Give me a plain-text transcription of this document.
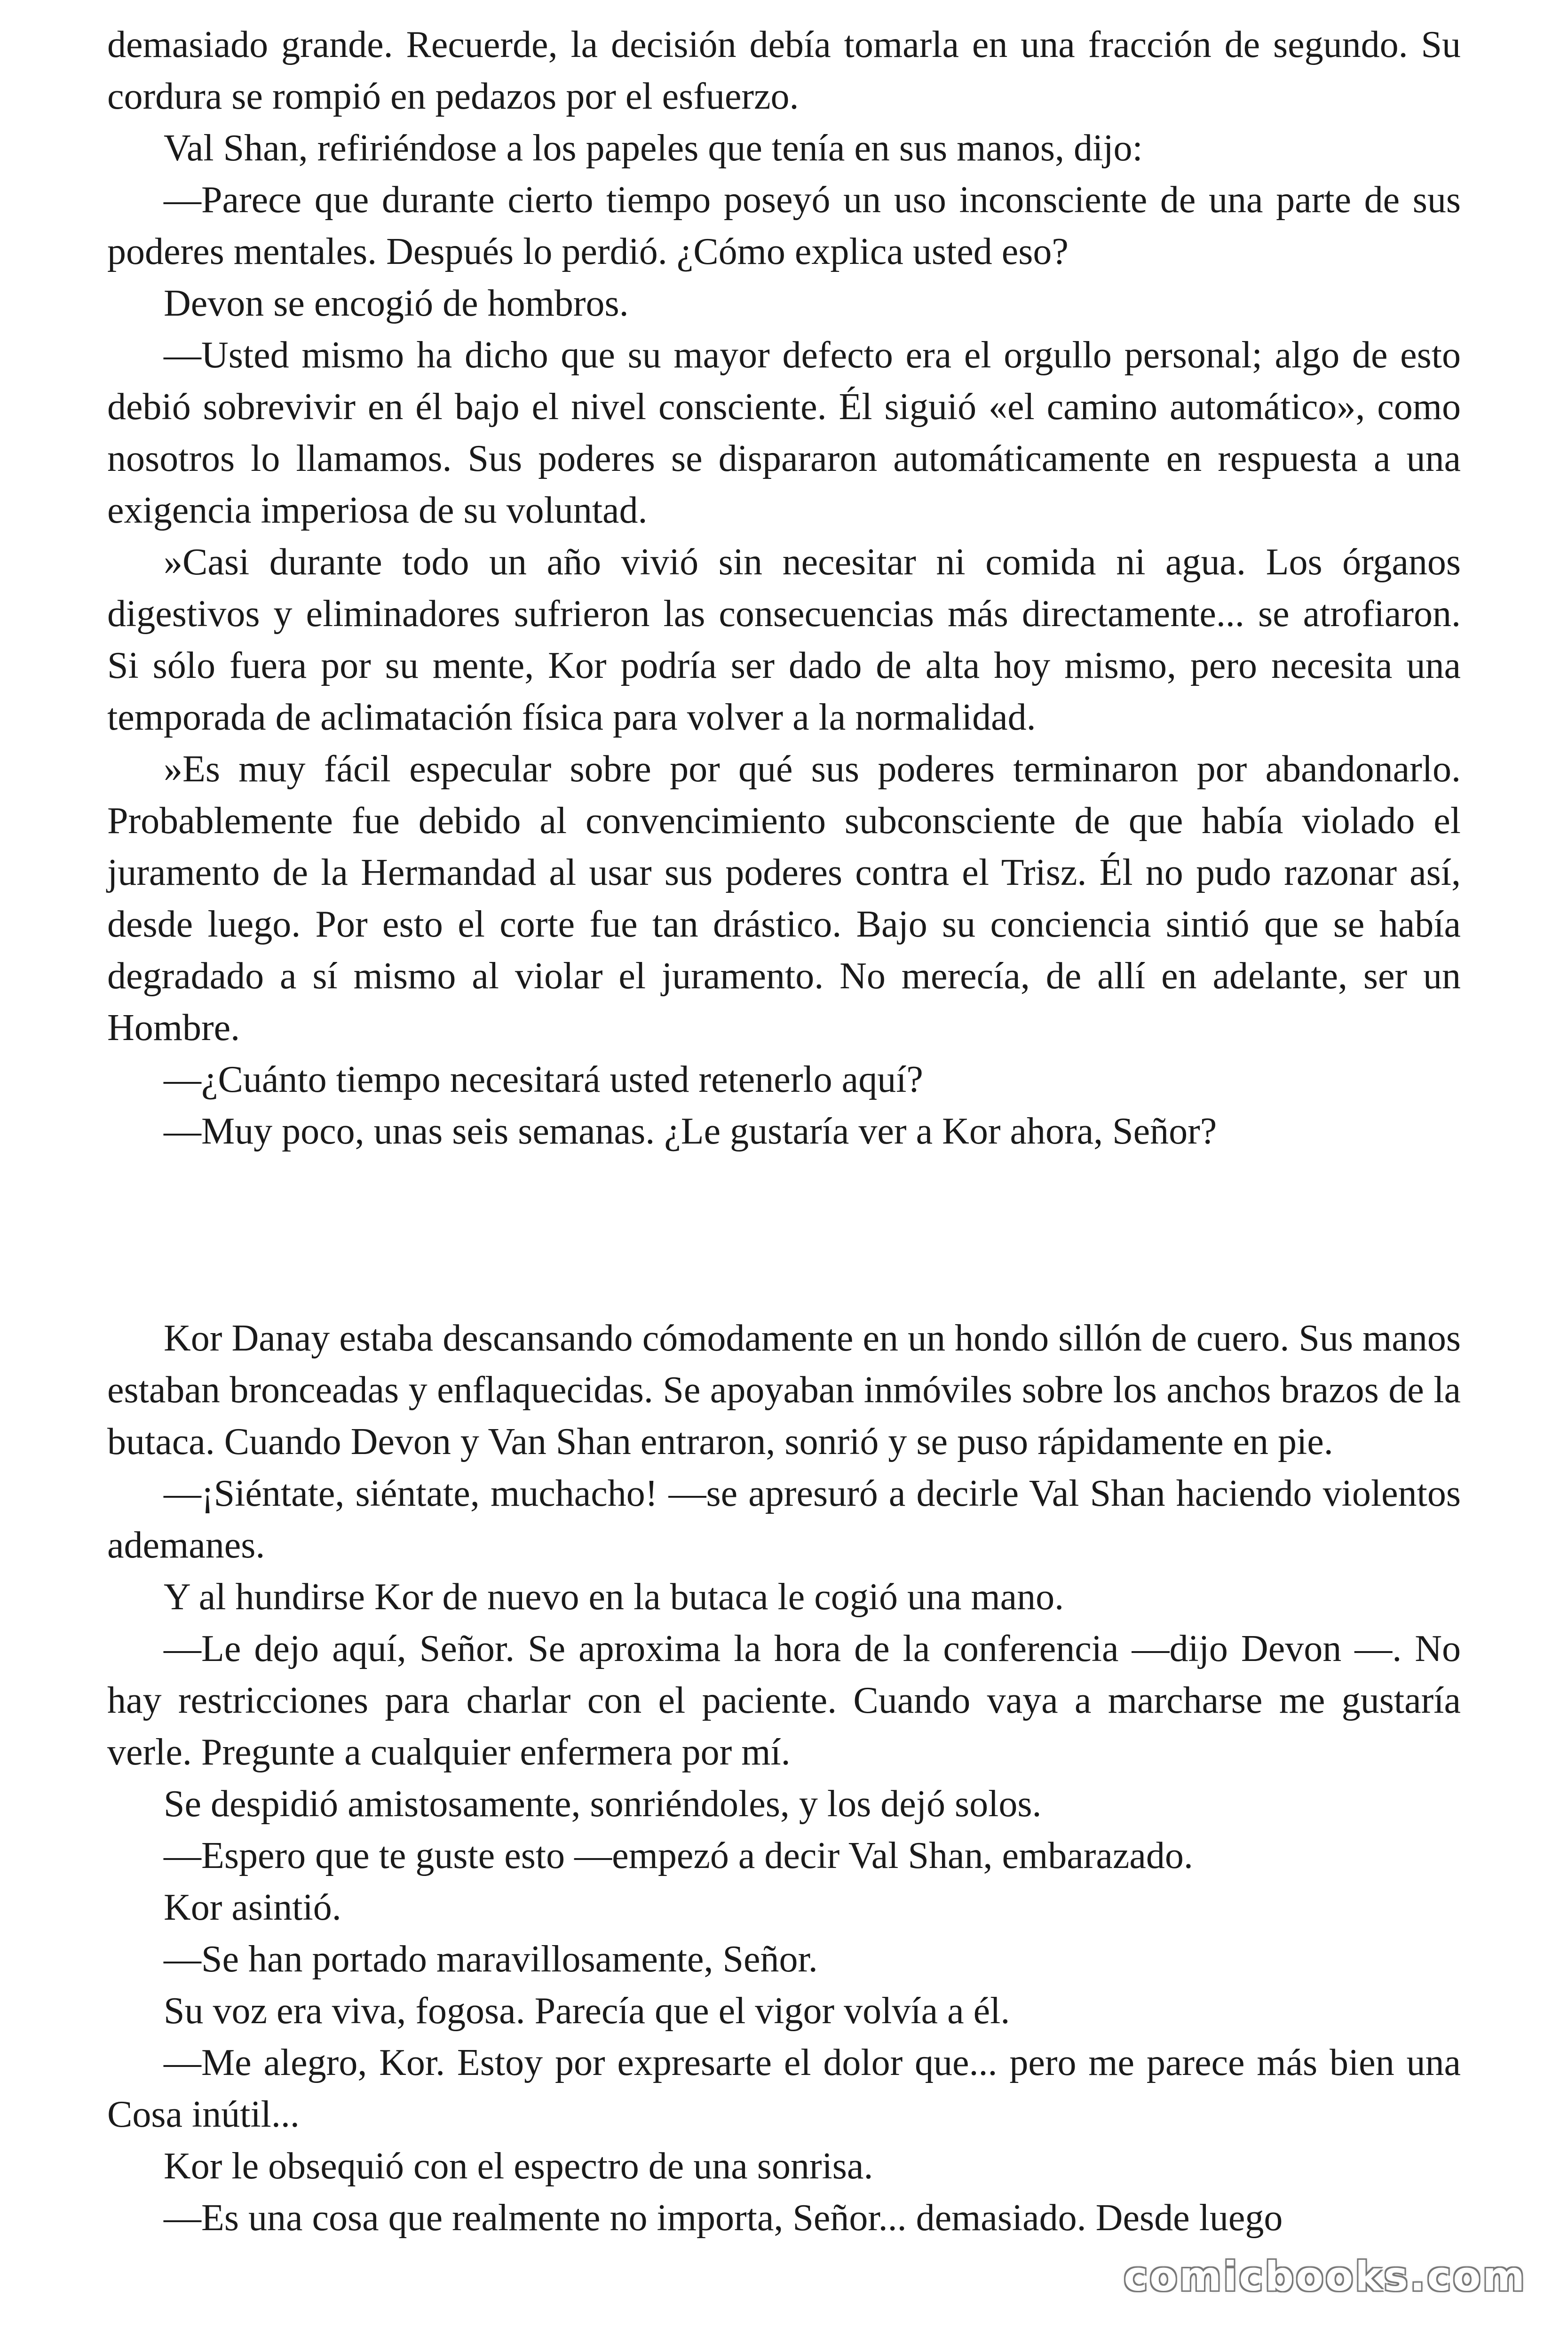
demasiado grande. Recuerde, la decisión debía tomarla en una fracción de segundo. Su cordura se rompió en pedazos por el esfuerzo.

Val Shan, refiriéndose a los papeles que tenía en sus manos, dijo:

—Parece que durante cierto tiempo poseyó un uso inconsciente de una parte de sus poderes mentales. Después lo perdió. ¿Cómo explica usted eso?

Devon se encogió de hombros.

—Usted mismo ha dicho que su mayor defecto era el orgullo personal; algo de esto debió sobrevivir en él bajo el nivel consciente. Él siguió «el camino automático», como nosotros lo llamamos. Sus poderes se dispararon automáticamente en respuesta a una exigencia imperiosa de su voluntad.

»Casi durante todo un año vivió sin necesitar ni comida ni agua. Los órganos digestivos y eliminadores sufrieron las consecuencias más directamente... se atrofiaron. Si sólo fuera por su mente, Kor podría ser dado de alta hoy mismo, pero necesita una temporada de aclimatación física para volver a la normalidad.

»Es muy fácil especular sobre por qué sus poderes terminaron por abandonarlo. Probablemente fue debido al convencimiento subconsciente de que había violado el juramento de la Hermandad al usar sus poderes contra el Trisz. Él no pudo razonar así, desde luego. Por esto el corte fue tan drástico. Bajo su conciencia sintió que se había degradado a sí mismo al violar el juramento. No merecía, de allí en adelante, ser un Hombre.

—¿Cuánto tiempo necesitará usted retenerlo aquí?

—Muy poco, unas seis semanas. ¿Le gustaría ver a Kor ahora, Señor?

Kor Danay estaba descansando cómodamente en un hondo sillón de cuero. Sus manos estaban bronceadas y enflaquecidas. Se apoyaban inmóviles sobre los anchos brazos de la butaca. Cuando Devon y Van Shan entraron, sonrió y se puso rápidamente en pie.

—¡Siéntate, siéntate, muchacho! —se apresuró a decirle Val Shan haciendo violentos ademanes.

Y al hundirse Kor de nuevo en la butaca le cogió una mano.

—Le dejo aquí, Señor. Se aproxima la hora de la conferencia —dijo Devon —. No hay restricciones para charlar con el paciente. Cuando vaya a marcharse me gustaría verle. Pregunte a cualquier enfermera por mí.

Se despidió amistosamente, sonriéndoles, y los dejó solos.

—Espero que te guste esto —empezó a decir Val Shan, embarazado.

Kor asintió.

—Se han portado maravillosamente, Señor.

Su voz era viva, fogosa. Parecía que el vigor volvía a él.

—Me alegro, Kor. Estoy por expresarte el dolor que... pero me parece más bien una Cosa inútil...

Kor le obsequió con el espectro de una sonrisa.

—Es una cosa que realmente no importa, Señor... demasiado. Desde luego

comicbooks.com
